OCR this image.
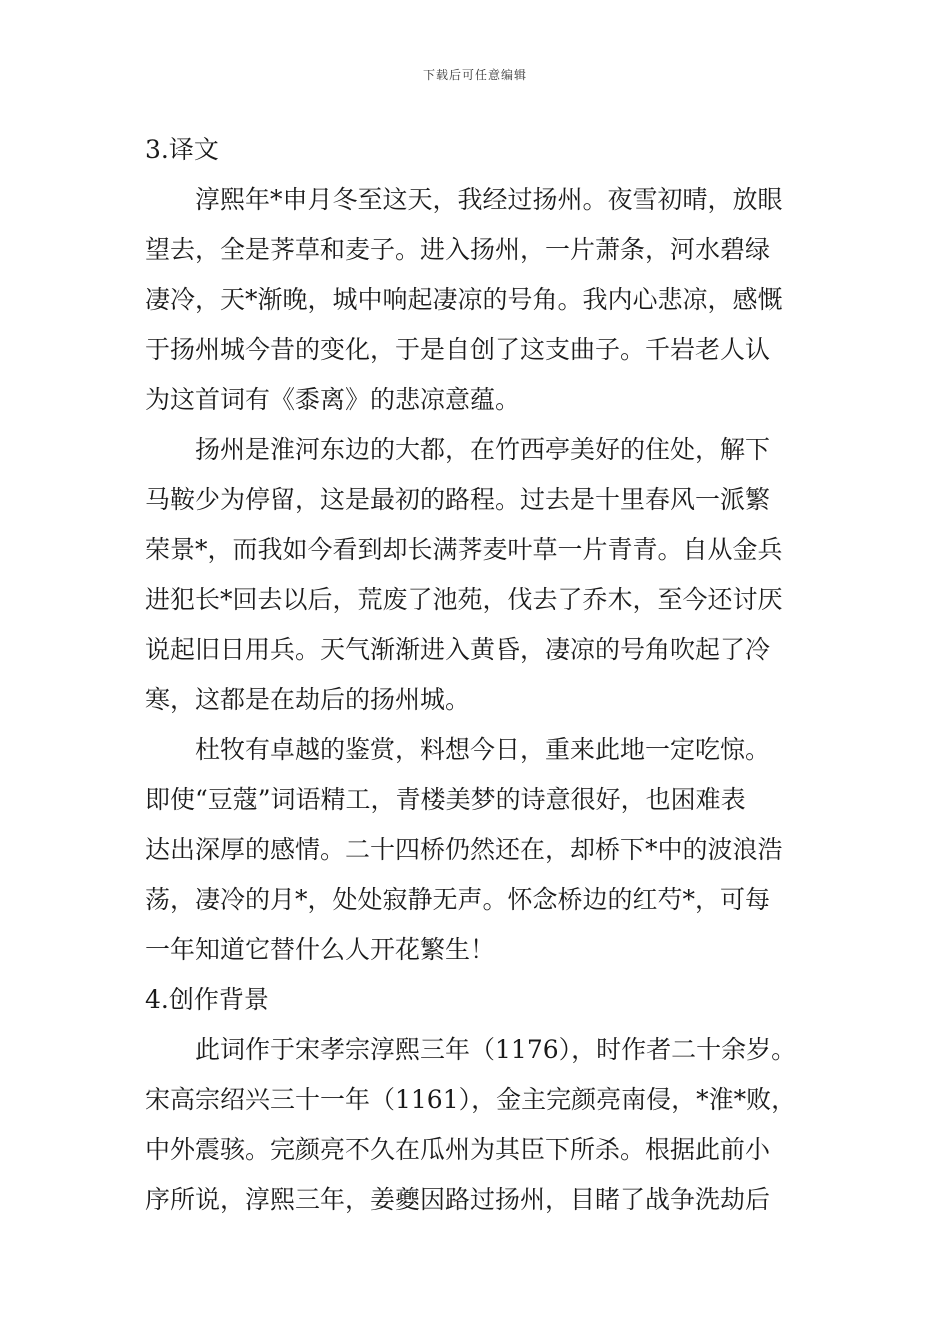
下载后可任意编辑
3.译文
淳熙年*申月冬至这天，我经过扬州。夜雪初晴，放眼
望去，全是荠草和麦子。进入扬州，一片萧条，河水碧绿
凄冷，天*渐晚，城中响起凄凉的号角。我内心悲凉，感慨
于扬州城今昔的变化，于是自创了这支曲子。千岩老人认
为这首词有《黍离》的悲凉意蕴。
扬州是淮河东边的大都，在竹西亭美好的住处，解下
马鞍少为停留，这是最初的路程。过去是十里春风一派繁
荣景*，而我如今看到却长满荠麦叶草一片青青。自从金兵
进犯长*回去以后，荒废了池苑，伐去了乔木，至今还讨厌
说起旧日用兵。天气渐渐进入黄昏，凄凉的号角吹起了冷
寒，这都是在劫后的扬州城。
杜牧有卓越的鉴赏，料想今日，重来此地一定吃惊。
即使“豆蔻”词语精工，青楼美梦的诗意很好，也困难表
达出深厚的感情。二十四桥仍然还在，却桥下*中的波浪浩
荡，凄冷的月*，处处寂静无声。怀念桥边的红芍*，可每
一年知道它替什么人开花繁生！
4.创作背景
此词作于宋孝宗淳熙三年（1176），时作者二十余岁。
宋高宗绍兴三十一年（1161），金主完颜亮南侵，*淮*败，
中外震骇。完颜亮不久在瓜州为其臣下所杀。根据此前小
序所说，淳熙三年，姜夔因路过扬州，目睹了战争洗劫后
